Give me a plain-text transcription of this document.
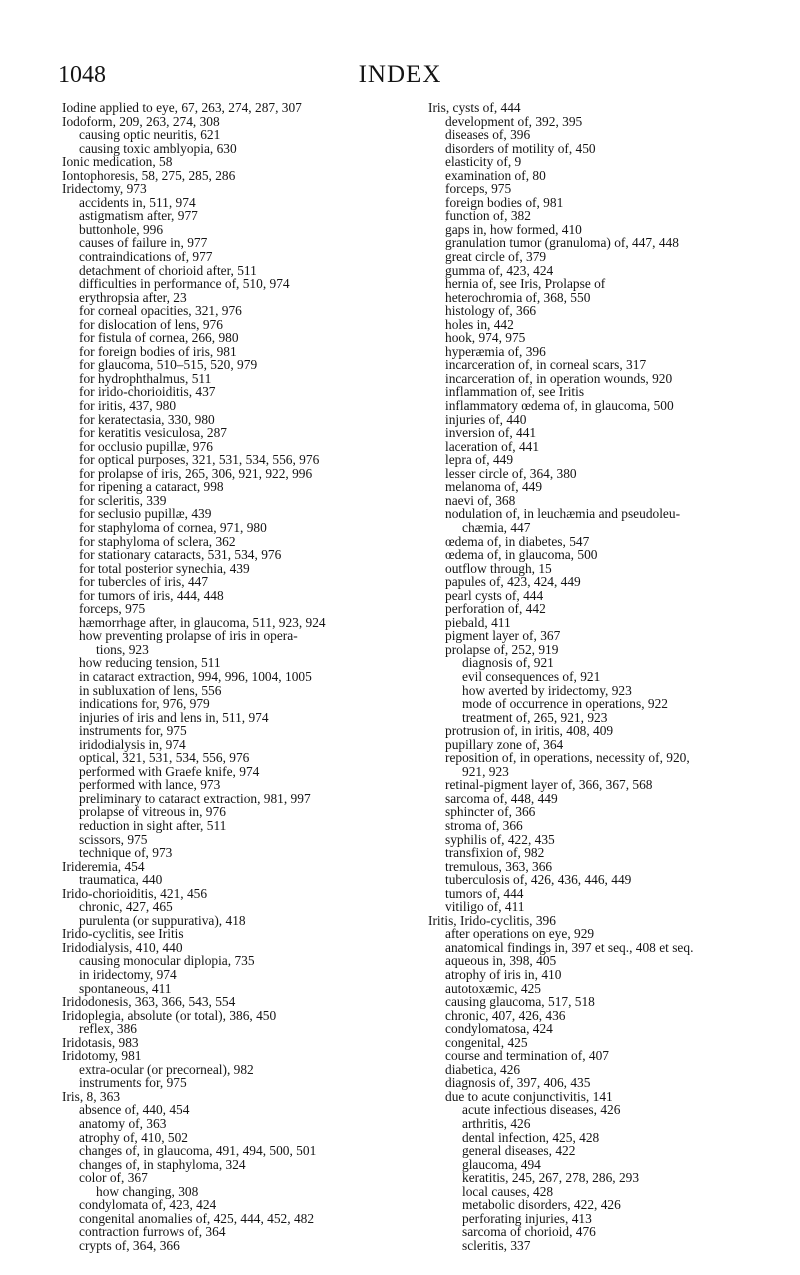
1048	INDEX
Iodine applied to eye, 67, 263, 274, 287, 307
Iodoform, 209, 263, 274, 308
causing optic neuritis, 621
causing toxic amblyopia, 630
Ionic medication, 58
Iontophoresis, 58, 275, 285, 286
Iridectomy, 973
accidents in, 511, 974
astigmatism after, 977
buttonhole, 996
causes of failure in, 977
contraindications of, 977
detachment of chorioid after, 511
difficulties in performance of, 510, 974
erythropsia after, 23
for corneal opacities, 321, 976
for dislocation of lens, 976
for fistula of cornea, 266, 980
for foreign bodies of iris, 981
for glaucoma, 510–515, 520, 979
for hydrophthalmus, 511
for irido-chorioiditis, 437
for iritis, 437, 980
for keratectasia, 330, 980
for keratitis vesiculosa, 287
for occlusio pupillæ, 976
for optical purposes, 321, 531, 534, 556, 976
for prolapse of iris, 265, 306, 921, 922, 996
for ripening a cataract, 998
for scleritis, 339
for seclusio pupillæ, 439
for staphyloma of cornea, 971, 980
for staphyloma of sclera, 362
for stationary cataracts, 531, 534, 976
for total posterior synechia, 439
for tubercles of iris, 447
for tumors of iris, 444, 448
forceps, 975
hæmorrhage after, in glaucoma, 511, 923, 924
how preventing prolapse of iris in opera-
tions, 923
how reducing tension, 511
in cataract extraction, 994, 996, 1004, 1005
in subluxation of lens, 556
indications for, 976, 979
injuries of iris and lens in, 511, 974
instruments for, 975
iridodialysis in, 974
optical, 321, 531, 534, 556, 976
performed with Graefe knife, 974
performed with lance, 973
preliminary to cataract extraction, 981, 997
prolapse of vitreous in, 976
reduction in sight after, 511
scissors, 975
technique of, 973
Irideremia, 454
traumatica, 440
Irido-chorioiditis, 421, 456
chronic, 427, 465
purulenta (or suppurativa), 418
Irido-cyclitis, see Iritis
Iridodialysis, 410, 440
causing monocular diplopia, 735
in iridectomy, 974
spontaneous, 411
Iridodonesis, 363, 366, 543, 554
Iridoplegia, absolute (or total), 386, 450
reflex, 386
Iridotasis, 983
Iridotomy, 981
extra-ocular (or precorneal), 982
instruments for, 975
Iris, 8, 363
absence of, 440, 454
anatomy of, 363
atrophy of, 410, 502
changes of, in glaucoma, 491, 494, 500, 501
changes of, in staphyloma, 324
color of, 367
how changing, 308
condylomata of, 423, 424
congenital anomalies of, 425, 444, 452, 482
contraction furrows of, 364
crypts of, 364, 366
Iris, cysts of, 444
development of, 392, 395
diseases of, 396
disorders of motility of, 450
elasticity of, 9
examination of, 80
forceps, 975
foreign bodies of, 981
function of, 382
gaps in, how formed, 410
granulation tumor (granuloma) of, 447, 448
great circle of, 379
gumma of, 423, 424
hernia of, see Iris, Prolapse of
heterochromia of, 368, 550
histology of, 366
holes in, 442
hook, 974, 975
hyperæmia of, 396
incarceration of, in corneal scars, 317
incarceration of, in operation wounds, 920
inflammation of, see Iritis
inflammatory œdema of, in glaucoma, 500
injuries of, 440
inversion of, 441
laceration of, 441
lepra of, 449
lesser circle of, 364, 380
melanoma of, 449
naevi of, 368
nodulation of, in leuchæmia and pseudoleu-
chæmia, 447
œdema of, in diabetes, 547
œdema of, in glaucoma, 500
outflow through, 15
papules of, 423, 424, 449
pearl cysts of, 444
perforation of, 442
piebald, 411
pigment layer of, 367
prolapse of, 252, 919
diagnosis of, 921
evil consequences of, 921
how averted by iridectomy, 923
mode of occurrence in operations, 922
treatment of, 265, 921, 923
protrusion of, in iritis, 408, 409
pupillary zone of, 364
reposition of, in operations, necessity of, 920,
921, 923
retinal-pigment layer of, 366, 367, 568
sarcoma of, 448, 449
sphincter of, 366
stroma of, 366
syphilis of, 422, 435
transfixion of, 982
tremulous, 363, 366
tuberculosis of, 426, 436, 446, 449
tumors of, 444
vitiligo of, 411
Iritis, Irido-cyclitis, 396
after operations on eye, 929
anatomical findings in, 397 et seq., 408 et seq.
aqueous in, 398, 405
atrophy of iris in, 410
autotoxæmic, 425
causing glaucoma, 517, 518
chronic, 407, 426, 436
condylomatosa, 424
congenital, 425
course and termination of, 407
diabetica, 426
diagnosis of, 397, 406, 435
due to acute conjunctivitis, 141
acute infectious diseases, 426
arthritis, 426
dental infection, 425, 428
general diseases, 422
glaucoma, 494
keratitis, 245, 267, 278, 286, 293
local causes, 428
metabolic disorders, 422, 426
perforating injuries, 413
sarcoma of chorioid, 476
scleritis, 337
